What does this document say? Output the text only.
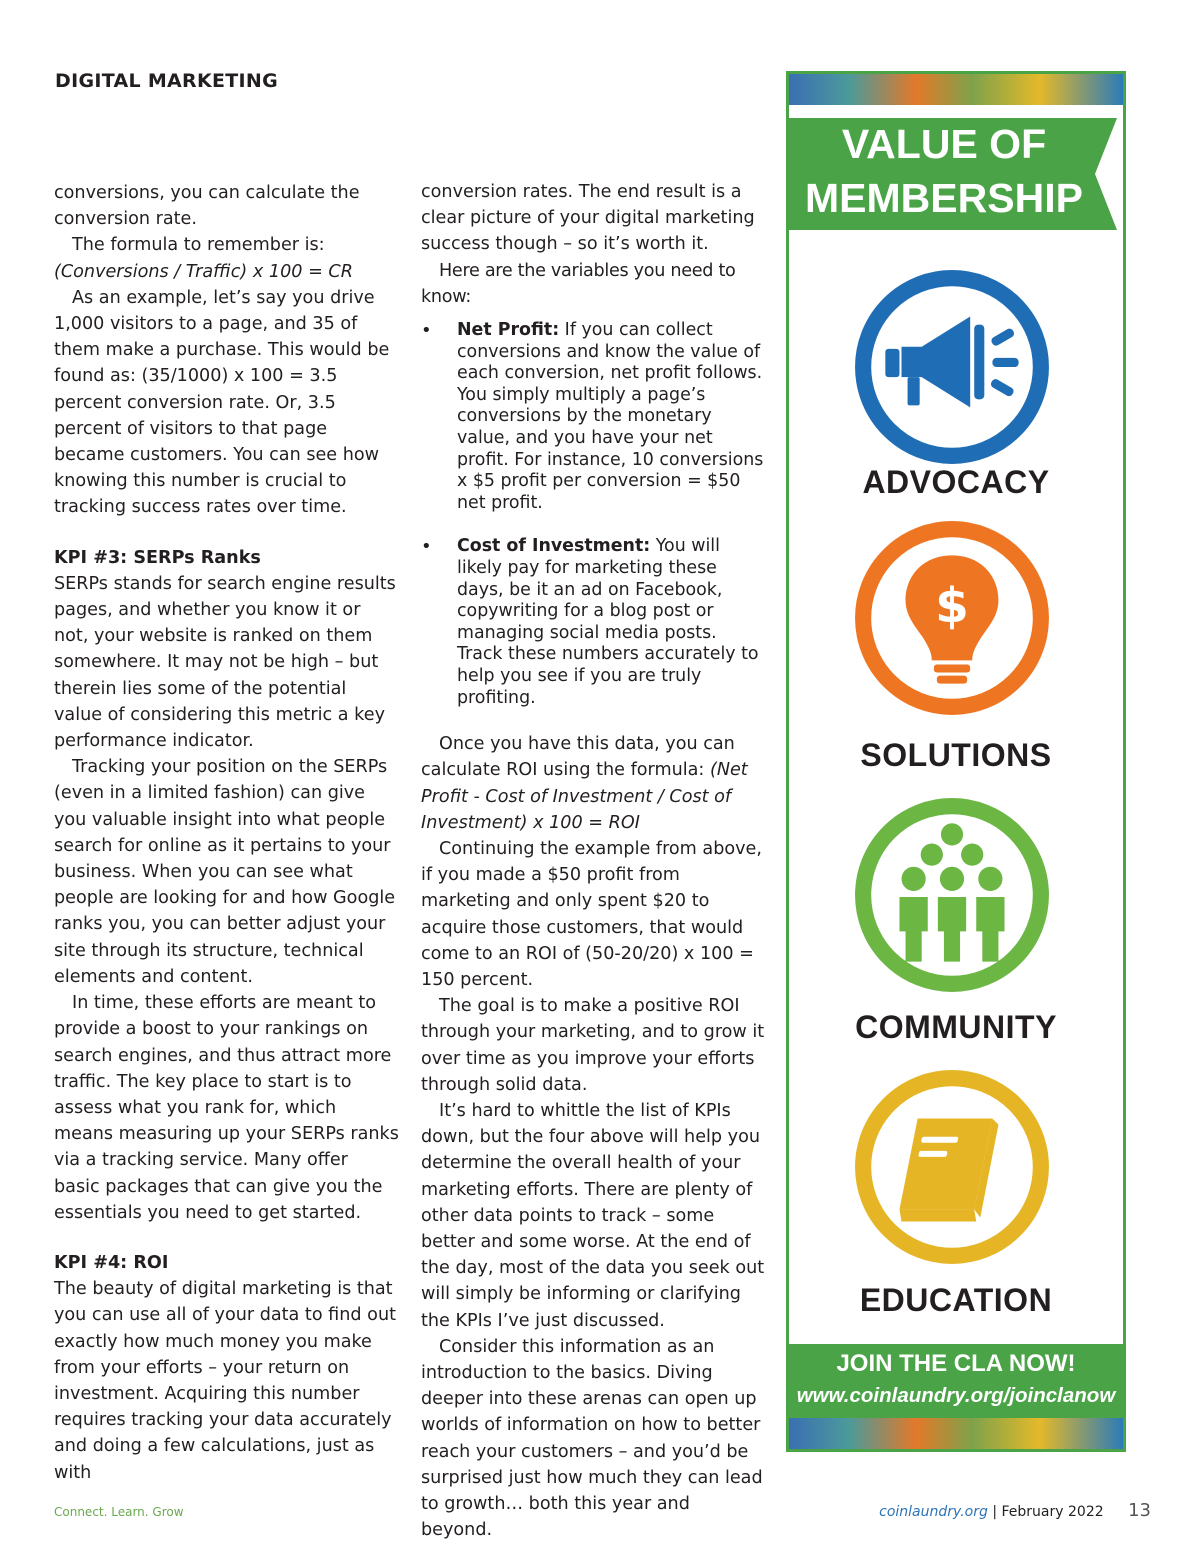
DIGITAL MARKETING

conversions, you can calculate the conversion rate.

The formula to remember is:

(Conversions / Traffic) x 100 = CR

As an example, let’s say you drive 1,000 visitors to a page, and 35 of them make a purchase. This would be found as: (35/1000) x 100 = 3.5 percent conversion rate. Or, 3.5 percent of visitors to that page became customers. You can see how knowing this number is crucial to tracking success rates over time.

KPI #3: SERPs Ranks

SERPs stands for search engine results pages, and whether you know it or not, your website is ranked on them somewhere. It may not be high – but therein lies some of the potential value of considering this metric a key performance indicator.

Tracking your position on the SERPs (even in a limited fashion) can give you valuable insight into what people search for online as it pertains to your business. When you can see what people are looking for and how Google ranks you, you can better adjust your site through its structure, technical elements and content.

In time, these efforts are meant to provide a boost to your rankings on search engines, and thus attract more traffic. The key place to start is to assess what you rank for, which means measuring up your SERPs ranks via a tracking service. Many offer basic packages that can give you the essentials you need to get started.

KPI #4: ROI

The beauty of digital marketing is that you can use all of your data to find out exactly how much money you make from your efforts – your return on investment. Acquiring this number requires tracking your data accurately and doing a few calculations, just as with

conversion rates. The end result is a clear picture of your digital marketing success though – so it’s worth it.

Here are the variables you need to know:

• Net Profit: If you can collect conversions and know the value of each conversion, net profit follows. You simply multiply a page’s conversions by the monetary value, and you have your net profit. For instance, 10 conversions x $5 profit per conversion = $50 net profit.
• Cost of Investment: You will likely pay for marketing these days, be it an ad on Facebook, copywriting for a blog post or managing social media posts. Track these numbers accurately to help you see if you are truly profiting.

Once you have this data, you can calculate ROI using the formula: (Net Profit - Cost of Investment / Cost of Investment) x 100 = ROI

Continuing the example from above, if you made a $50 profit from marketing and only spent $20 to acquire those customers, that would come to an ROI of (50-20/20) x 100 = 150 percent.

The goal is to make a positive ROI through your marketing, and to grow it over time as you improve your efforts through solid data.

It’s hard to whittle the list of KPIs down, but the four above will help you determine the overall health of your marketing efforts. There are plenty of other data points to track – some better and some worse. At the end of the day, most of the data you seek out will simply be informing or clarifying the KPIs I’ve just discussed.

Consider this information as an introduction to the basics. Diving deeper into these arenas can open up worlds of information on how to better reach your customers – and you’d be surprised just how much they can lead to growth… both this year and beyond.

VALUE OF
MEMBERSHIP
ADVOCACY
$
SOLUTIONS
COMMUNITY
EDUCATION
JOIN THE CLA NOW!
www.coinlaundry.org/joinclanow
Connect. Learn. Grow	coinlaundry.org | February 2022 13
